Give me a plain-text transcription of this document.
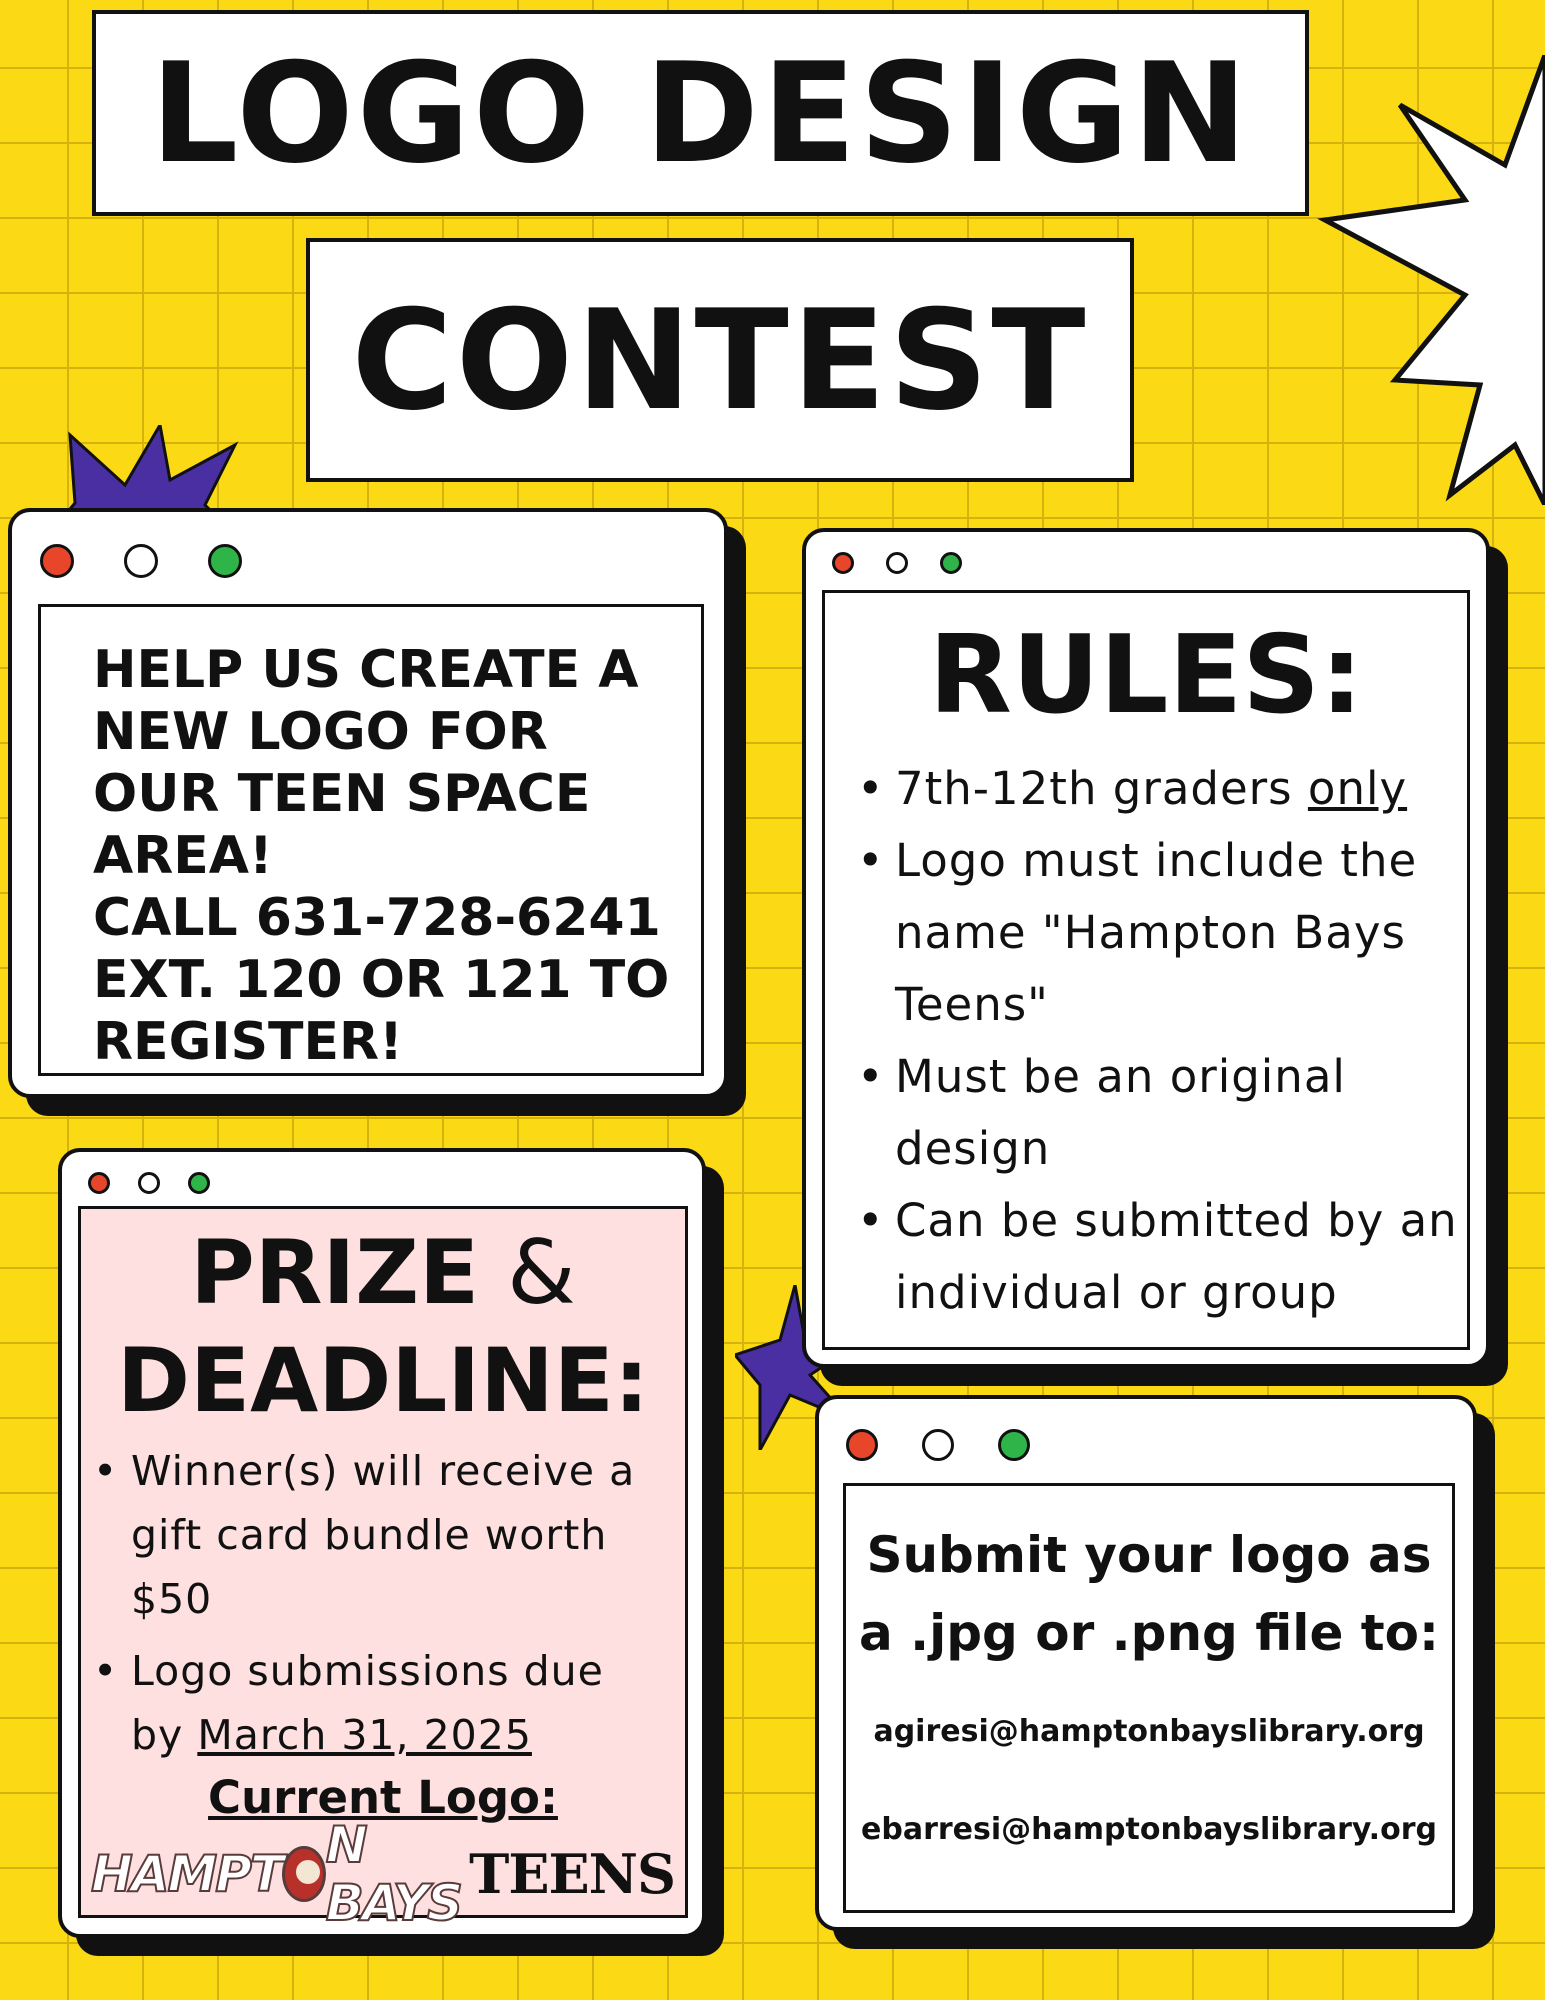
LOGO DESIGN
CONTEST
HELP US CREATE A
NEW LOGO FOR
OUR TEEN SPACE
AREA!
CALL 631-728-6241
EXT. 120 OR 121 TO
REGISTER!
RULES:
• 7th-12th graders only
• Logo must include the name "Hampton Bays Teens"
• Must be an original design
• Can be submitted by an individual or group
PRIZE &
DEADLINE:
• Winner(s) will receive a gift card bundle worth $50
• Logo submissions due by March 31, 2025
Current Logo:
HAMPT N BAYS TEENS
Submit your logo as
a .jpg or .png file to:
agiresi@hamptonbayslibrary.org
ebarresi@hamptonbayslibrary.org
